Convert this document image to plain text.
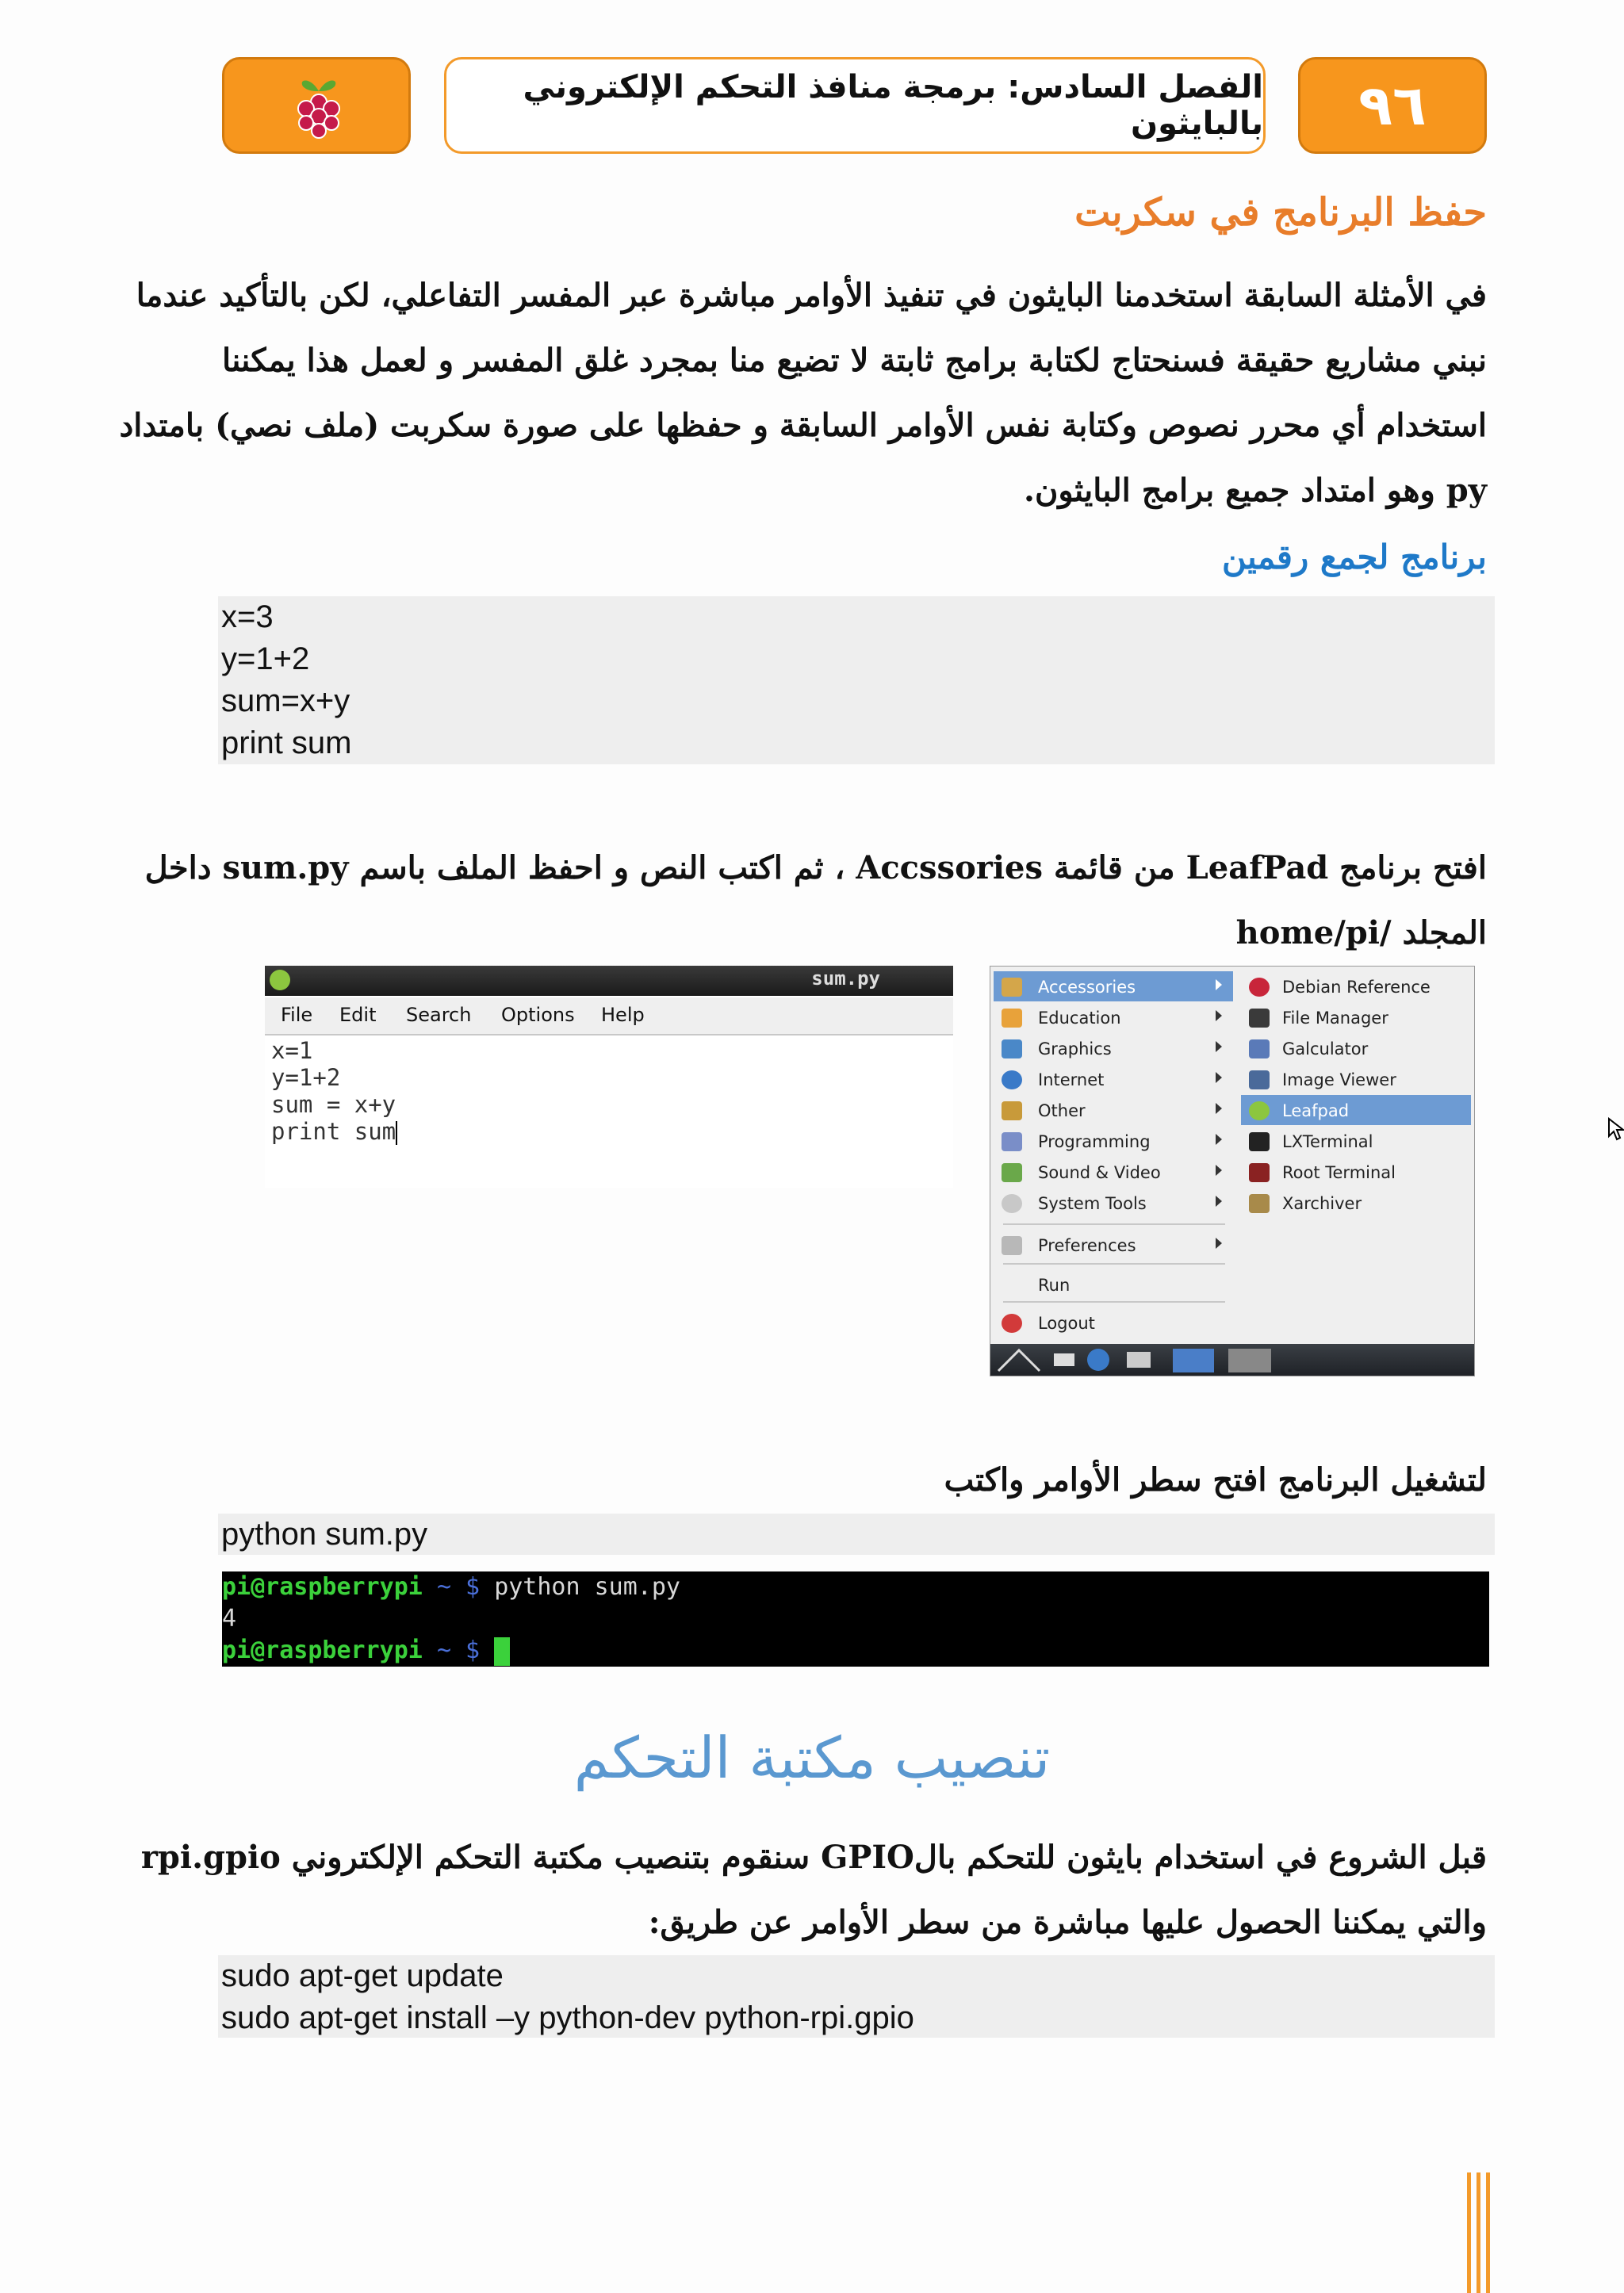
الفصل السادس: برمجة منافذ التحكم الإلكتروني بالبايثون ٩٦
حفظ البرنامج في سكربت
في الأمثلة السابقة استخدمنا البايثون في تنفيذ الأوامر مباشرة عبر المفسر التفاعلي، لكن بالتأكيد عندما
نبني مشاريع حقيقة فسنحتاج لكتابة برامج ثابتة لا تضيع منا بمجرد غلق المفسر و لعمل هذا يمكننا
استخدام أي محرر نصوص وكتابة نفس الأوامر السابقة و حفظها على صورة سكربت (ملف نصي) بامتداد
py وهو امتداد جميع برامج البايثون.
برنامج لجمع رقمين
x=3
y=1+2
sum=x+y
print sum
افتح برنامج LeafPad من قائمة Accssories ، ثم اكتب النص و احفظ الملف باسم sum.py داخل
المجلد /home/pi
sum.py
File Edit Search Options Help
x=1
y=1+2
sum = x+y
print sum
Accessories
Education
Graphics
Internet
Other
Programming
Sound & Video
System Tools
Preferences
Run
Logout
Debian Reference
File Manager
Galculator
Image Viewer
Leafpad
LXTerminal
Root Terminal
Xarchiver
لتشغيل البرنامج افتح سطر الأوامر واكتب
python sum.py
pi@raspberrypi ~ $ python sum.py
4
pi@raspberrypi ~ $
تنصيب مكتبة التحكم
قبل الشروع في استخدام بايثون للتحكم بالGPIO سنقوم بتنصيب مكتبة التحكم الإلكتروني rpi.gpio
والتي يمكننا الحصول عليها مباشرة من سطر الأوامر عن طريق:
sudo apt-get update
sudo apt-get install –y python-dev python-rpi.gpio
